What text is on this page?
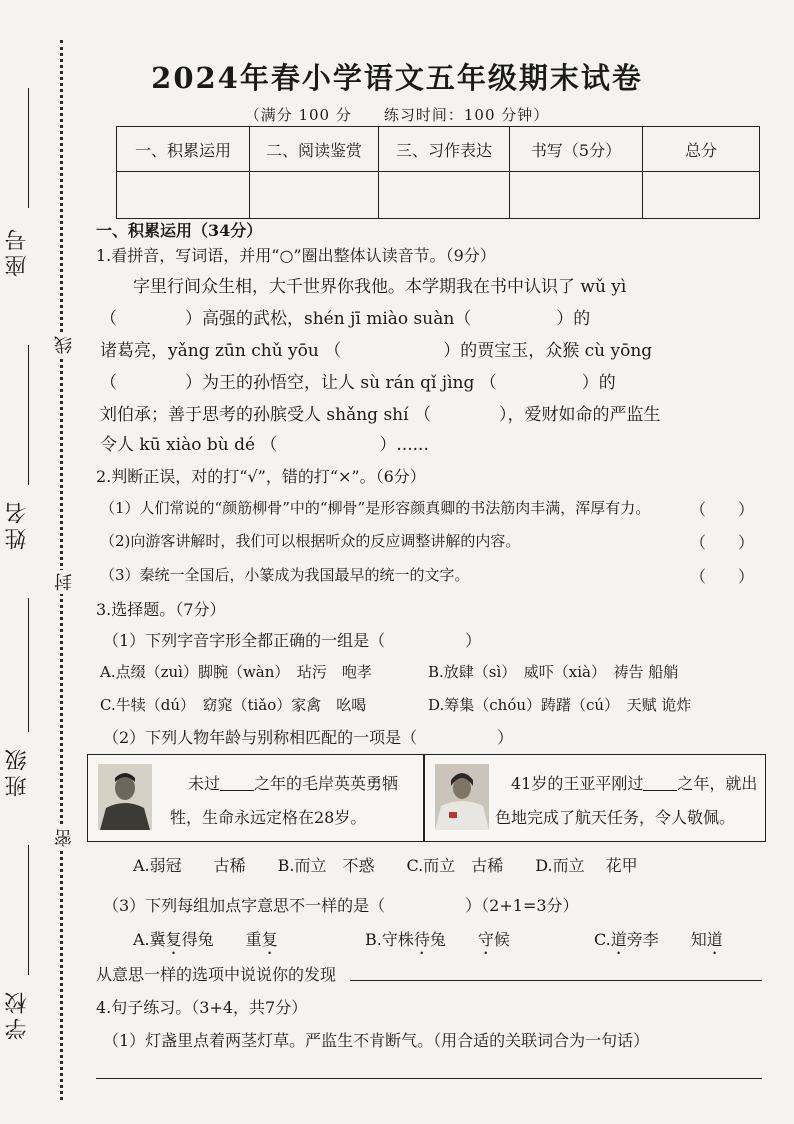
座号
姓名
班级
学校
线
封
密
2024年春小学语文五年级期末试卷
（满分 100 分　　练习时间：100 分钟）
一、积累运用	二、阅读鉴赏	三、习作表达	书写（5分）	总分

一、积累运用（34分）
1.看拼音，写词语，并用“○”圈出整体认读音节。（9分）
字里行间众生相，大千世界你我他。本学期我在书中认识了 wǔ yì
（　　　　）高强的武松，shén jī miào suàn（　　　　　）的
诸葛亮，yǎng zūn chǔ yōu （　　　　　　）的贾宝玉，众猴 cù yōng
（　　　　）为王的孙悟空，让人 sù rán qǐ jìng （　　　　　）的
刘伯承；善于思考的孙膑受人 shǎng shí （　　　　），爱财如命的严监生
令人 kū xiào bù dé （　　　　　　）......
2.判断正误，对的打“√”，错的打“×”。（6分）
（1）人们常说的“颜筋柳骨”中的“柳骨”是形容颜真卿的书法筋肉丰满，浑厚有力。 （　　）
（2)向游客讲解时，我们可以根据听众的反应调整讲解的内容。	（　　）
（3）秦统一全国后，小篆成为我国最早的统一的文字。	（　　）
3.选择题。（7分）
（1）下列字音字形全都正确的一组是（　　　　　）
A.点缀（zuì）脚腕（wàn）　玷污　咆孝	B.放肆（sì）　威吓（xià）　祷告 船艄
C.牛犊（dú）　窈窕（tiǎo）家禽　吆喝	D.筹集（chóu）踌躇（cú）　天赋 诡炸
（2）下列人物年龄与别称相匹配的一项是（　　　　　）
未过 之年的毛岸英英勇牺
牲，生命永远定格在28岁。
41岁的王亚平刚过 之年，就出
色地完成了航天任务，令人敬佩。
A.弱冠　　古稀　　B.而立　不惑　　C.而立　古稀　　D.而立　 花甲
（3）下列每组加点字意思不一样的是（　　　　　）（2+1=3分）
A.冀复得兔　　重复	B.守株待兔　　守候	C.道旁李　　知道
从意思一样的选项中说说你的发现
4.句子练习。（3+4，共7分）
（1）灯盏里点着两茎灯草。严监生不肯断气。（用合适的关联词合为一句话）
